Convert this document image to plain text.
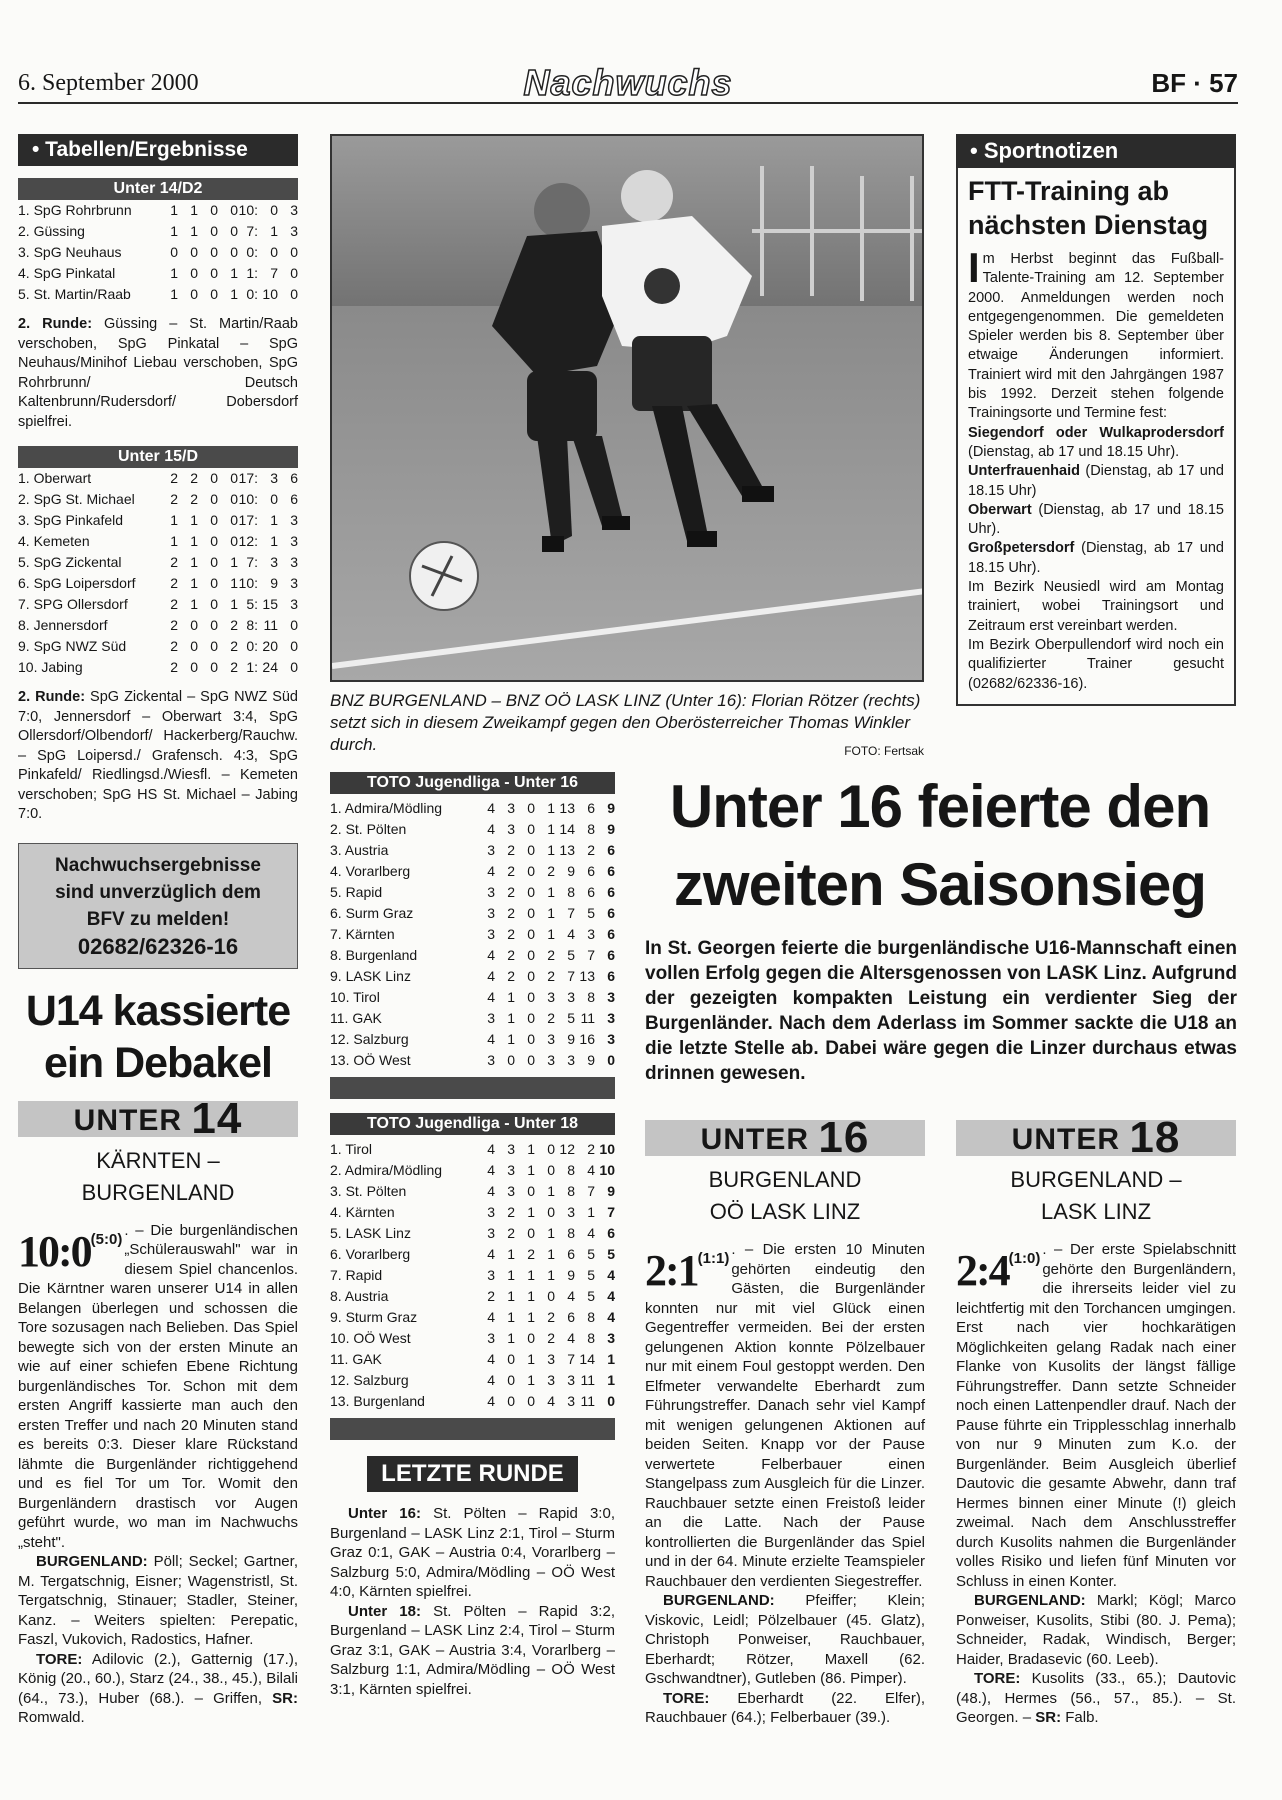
6. September 2000	Nachwuchs	BF · 57
• Tabellen/Ergebnisse
Unter 14/D2
1. SpG Rohrbrunn	1	1	0	0	10:	0	3
2. Güssing	1	1	0	0	7:	1	3
3. SpG Neuhaus	0	0	0	0	0:	0	0
4. SpG Pinkatal	1	0	0	1	1:	7	0
5. St. Martin/Raab	1	0	0	1	0:	10	0
2. Runde: Güssing – St. Martin/Raab verschoben, SpG Pinkatal – SpG Neuhaus/Minihof Liebau verschoben, SpG Rohrbrunn/ Deutsch Kaltenbrunn/Rudersdorf/ Dobersdorf spielfrei.
Unter 15/D
1. Oberwart	2	2	0	0	17:	3	6
2. SpG St. Michael	2	2	0	0	10:	0	6
3. SpG Pinkafeld	1	1	0	0	17:	1	3
4. Kemeten	1	1	0	0	12:	1	3
5. SpG Zickental	2	1	0	1	7:	3	3
6. SpG Loipersdorf	2	1	0	1	10:	9	3
7. SPG Ollersdorf	2	1	0	1	5:	15	3
8. Jennersdorf	2	0	0	2	8:	11	0
9. SpG NWZ Süd	2	0	0	2	0:	20	0
10. Jabing	2	0	0	2	1:	24	0
2. Runde: SpG Zickental – SpG NWZ Süd 7:0, Jennersdorf – Oberwart 3:4, SpG Ollersdorf/Olbendorf/ Hackerberg/Rauchw. – SpG Loipersd./ Grafensch. 4:3, SpG Pinkafeld/ Riedlingsd./Wiesfl. – Kemeten verschoben; SpG HS St. Michael – Jabing 7:0.
Nachwuchsergebnisse
sind unverzüglich dem
BFV zu melden!
02682/62326-16
U14 kassierte ein Debakel
UNTER 14
KÄRNTEN –
BURGENLAND
$10:0^{(5:0)}$
. – Die burgenländischen „Schülerauswahl" war in diesem Spiel chancenlos. Die Kärntner waren unserer U14 in allen Belangen überlegen und schossen die Tore sozusagen nach Belieben. Das Spiel bewegte sich von der ersten Minute an wie auf einer schiefen Ebene Richtung burgenländisches Tor. Schon mit dem ersten Angriff kassierte man auch den ersten Treffer und nach 20 Minuten stand es bereits 0:3. Dieser klare Rückstand lähmte die Burgenländer richtiggehend und es fiel Tor um Tor. Womit den Burgenländern drastisch vor Augen geführt wurde, wo man im Nachwuchs „steht".
BURGENLAND: Pöll; Seckel; Gartner, M. Tergatschnig, Eisner; Wagenstristl, St. Tergatschnig, Stinauer; Stadler, Steiner, Kanz. – Weiters spielten: Perepatic, Faszl, Vukovich, Radostics, Hafner.
TORE: Adilovic (2.), Gatternig (17.), König (20., 60.), Starz (24., 38., 45.), Bilali (64., 73.), Huber (68.). – Griffen, SR: Romwald.
BNZ BURGENLAND – BNZ OÖ LASK LINZ (Unter 16): Florian Rötzer (rechts) setzt sich in diesem Zweikampf gegen den Oberösterreicher Thomas Winkler durch.	FOTO: Fertsak
TOTO Jugendliga - Unter 16
1. Admira/Mödling	4	3	0	1	13	6	9
2. St. Pölten	4	3	0	1	14	8	9
3. Austria	3	2	0	1	13	2	6
4. Vorarlberg	4	2	0	2	9	6	6
5. Rapid	3	2	0	1	8	6	6
6. Surm Graz	3	2	0	1	7	5	6
7. Kärnten	3	2	0	1	4	3	6
8. Burgenland	4	2	0	2	5	7	6
9. LASK Linz	4	2	0	2	7	13	6
10. Tirol	4	1	0	3	3	8	3
11. GAK	3	1	0	2	5	11	3
12. Salzburg	4	1	0	3	9	16	3
13. OÖ West	3	0	0	3	3	9	0
TOTO Jugendliga - Unter 18
1. Tirol	4	3	1	0	12	2	10
2. Admira/Mödling	4	3	1	0	8	4	10
3. St. Pölten	4	3	0	1	8	7	9
4. Kärnten	3	2	1	0	3	1	7
5. LASK Linz	3	2	0	1	8	4	6
6. Vorarlberg	4	1	2	1	6	5	5
7. Rapid	3	1	1	1	9	5	4
8. Austria	2	1	1	0	4	5	4
9. Sturm Graz	4	1	1	2	6	8	4
10. OÖ West	3	1	0	2	4	8	3
11. GAK	4	0	1	3	7	14	1
12. Salzburg	4	0	1	3	3	11	1
13. Burgenland	4	0	0	4	3	11	0
LETZTE RUNDE
Unter 16: St. Pölten – Rapid 3:0, Burgenland – LASK Linz 2:1, Tirol – Sturm Graz 0:1, GAK – Austria 0:4, Vorarlberg – Salzburg 5:0, Admira/Mödling – OÖ West 4:0, Kärnten spielfrei.
Unter 18: St. Pölten – Rapid 3:2, Burgenland – LASK Linz 2:4, Tirol – Sturm Graz 3:1, GAK – Austria 3:4, Vorarlberg – Salzburg 1:1, Admira/Mödling – OÖ West 3:1, Kärnten spielfrei.
• Sportnotizen
FTT-Training ab nächsten Dienstag
Im Herbst beginnt das Fußball-Talente-Training am 12. September 2000. Anmeldungen werden noch entgegengenommen. Die gemeldeten Spieler werden bis 8. September über etwaige Änderungen informiert. Trainiert wird mit den Jahrgängen 1987 bis 1992. Derzeit stehen folgende Trainingsorte und Termine fest:
Siegendorf oder Wulkaprodersdorf (Dienstag, ab 17 und 18.15 Uhr).
Unterfrauenhaid (Dienstag, ab 17 und 18.15 Uhr)
Oberwart (Dienstag, ab 17 und 18.15 Uhr).
Großpetersdorf (Dienstag, ab 17 und 18.15 Uhr).
Im Bezirk Neusiedl wird am Montag trainiert, wobei Trainingsort und Zeitraum erst vereinbart werden.
Im Bezirk Oberpullendorf wird noch ein qualifizierter Trainer gesucht (02682/62336-16).
Unter 16 feierte den
zweiten Saisonsieg
In St. Georgen feierte die burgenländische U16-Mannschaft einen vollen Erfolg gegen die Altersgenossen von LASK Linz. Aufgrund der gezeigten kompakten Leistung ein verdienter Sieg der Burgenländer. Nach dem Aderlass im Sommer sackte die U18 an die letzte Stelle ab. Dabei wäre gegen die Linzer durchaus etwas drinnen gewesen.
UNTER 16
BURGENLAND
OÖ LASK LINZ
$2:1^{(1:1)}$
. – Die ersten 10 Minuten gehörten eindeutig den Gästen, die Burgenländer konnten nur mit viel Glück einen Gegentreffer vermeiden. Bei der ersten gelungenen Aktion konnte Pölzelbauer nur mit einem Foul gestoppt werden. Den Elfmeter verwandelte Eberhardt zum Führungstreffer. Danach sehr viel Kampf mit wenigen gelungenen Aktionen auf beiden Seiten. Knapp vor der Pause verwertete Felberbauer einen Stangelpass zum Ausgleich für die Linzer. Rauchbauer setzte einen Freistoß leider an die Latte. Nach der Pause kontrollierten die Burgenländer das Spiel und in der 64. Minute erzielte Teamspieler Rauchbauer den verdienten Siegestreffer.
BURGENLAND: Pfeiffer; Klein; Viskovic, Leidl; Pölzelbauer (45. Glatz), Christoph Ponweiser, Rauchbauer, Eberhardt; Rötzer, Maxell (62. Gschwandtner), Gutleben (86. Pimper).
TORE: Eberhardt (22. Elfer), Rauchbauer (64.); Felberbauer (39.).
UNTER 18
BURGENLAND –
LASK LINZ
$2:4^{(1:0)}$
. – Der erste Spielabschnitt gehörte den Burgenländern, die ihrerseits leider viel zu leichtfertig mit den Torchancen umgingen. Erst nach vier hochkarätigen Möglichkeiten gelang Radak nach einer Flanke von Kusolits der längst fällige Führungstreffer. Dann setzte Schneider noch einen Lattenpendler drauf. Nach der Pause führte ein Tripplesschlag innerhalb von nur 9 Minuten zum K.o. der Burgenländer. Beim Ausgleich überlief Dautovic die gesamte Abwehr, dann traf Hermes binnen einer Minute (!) gleich zweimal. Nach dem Anschlusstreffer durch Kusolits nahmen die Burgenländer volles Risiko und liefen fünf Minuten vor Schluss in einen Konter.
BURGENLAND: Markl; Kögl; Marco Ponweiser, Kusolits, Stibi (80. J. Pema); Schneider, Radak, Windisch, Berger; Haider, Bradasevic (60. Leeb).
TORE: Kusolits (33., 65.); Dautovic (48.), Hermes (56., 57., 85.). – St. Georgen. – SR: Falb.
